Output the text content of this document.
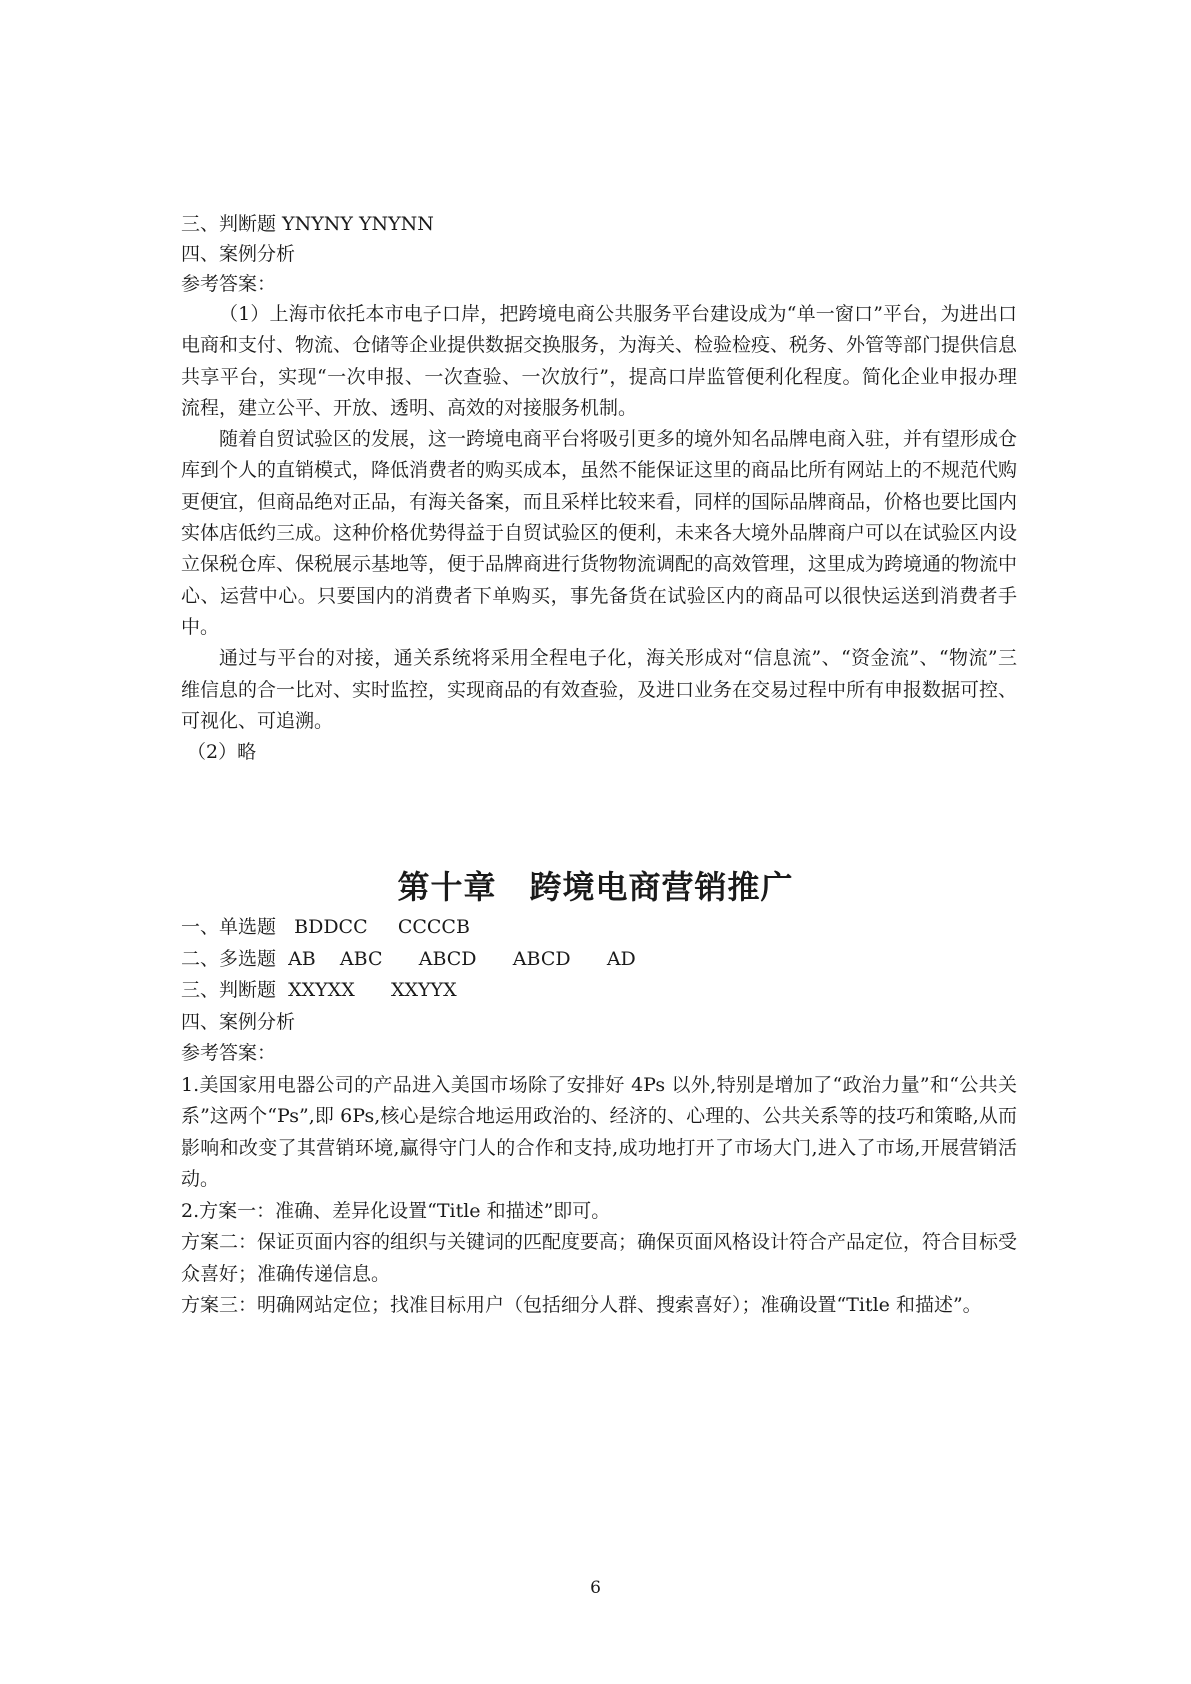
三、判断题 YNYNY YNYNN
四、案例分析
参考答案：

（1）上海市依托本市电子口岸，把跨境电商公共服务平台建设成为“单一窗口”平台，为进出口电商和支付、物流、仓储等企业提供数据交换服务，为海关、检验检疫、税务、外管等部门提供信息共享平台，实现“一次申报、一次查验、一次放行”，提高口岸监管便利化程度。简化企业申报办理流程，建立公平、开放、透明、高效的对接服务机制。

随着自贸试验区的发展，这一跨境电商平台将吸引更多的境外知名品牌电商入驻，并有望形成仓库到个人的直销模式，降低消费者的购买成本，虽然不能保证这里的商品比所有网站上的不规范代购更便宜，但商品绝对正品，有海关备案，而且采样比较来看，同样的国际品牌商品，价格也要比国内实体店低约三成。这种价格优势得益于自贸试验区的便利，未来各大境外品牌商户可以在试验区内设立保税仓库、保税展示基地等，便于品牌商进行货物物流调配的高效管理，这里成为跨境通的物流中心、运营中心。只要国内的消费者下单购买，事先备货在试验区内的商品可以很快运送到消费者手中。

通过与平台的对接，通关系统将采用全程电子化，海关形成对“信息流”、“资金流”、“物流”三维信息的合一比对、实时监控，实现商品的有效查验，及进口业务在交易过程中所有申报数据可控、可视化、可追溯。

（2）略
第十章　跨境电商营销推广
一、单选题   BDDCC     CCCCB
二、多选题  AB    ABC      ABCD      ABCD      AD
三、判断题  XXYXX      XXYYX
四、案例分析
参考答案：

1.美国家用电器公司的产品进入美国市场除了安排好 4Ps 以外,特别是增加了“政治力量”和“公共关系”这两个“Ps”,即 6Ps,核心是综合地运用政治的、经济的、心理的、公共关系等的技巧和策略,从而影响和改变了其营销环境,赢得守门人的合作和支持,成功地打开了市场大门,进入了市场,开展营销活动。

2.方案一：准确、差异化设置“Title 和描述”即可。

方案二：保证页面内容的组织与关键词的匹配度要高；确保页面风格设计符合产品定位，符合目标受众喜好；准确传递信息。

方案三：明确网站定位；找准目标用户（包括细分人群、搜索喜好）；准确设置“Title 和描述”。

6
